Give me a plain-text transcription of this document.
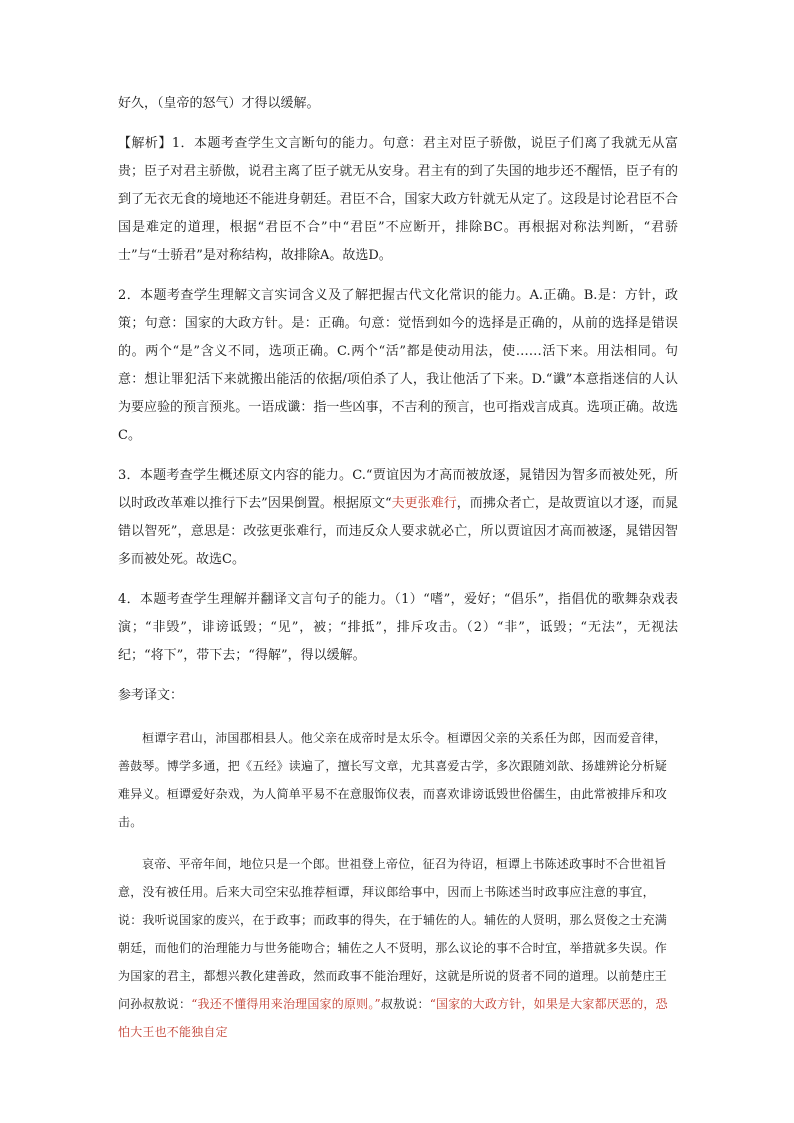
好久，（皇帝的怒气）才得以缓解。

【解析】1．本题考查学生文言断句的能力。句意：君主对臣子骄傲，说臣子们离了我就无从富贵；臣子对君主骄傲，说君主离了臣子就无从安身。君主有的到了失国的地步还不醒悟，臣子有的到了无衣无食的境地还不能进身朝廷。君臣不合，国家大政方针就无从定了。这段是讨论君臣不合国是难定的道理，根据“君臣不合”中“君臣”不应断开，排除BC。再根据对称法判断，“君骄士”与“士骄君”是对称结构，故排除A。故选D。

2．本题考查学生理解文言实词含义及了解把握古代文化常识的能力。A.正确。B.是：方针，政策；句意：国家的大政方针。是：正确。句意：觉悟到如今的选择是正确的，从前的选择是错误的。两个“是”含义不同，选项正确。C.两个“活”都是使动用法，使……活下来。用法相同。句意：想让罪犯活下来就搬出能活的依据/项伯杀了人，我让他活了下来。D.“谶”本意指迷信的人认为要应验的预言预兆。一语成谶：指一些凶事，不吉利的预言，也可指戏言成真。选项正确。故选C。

3．本题考查学生概述原文内容的能力。C.“贾谊因为才高而被放逐，晁错因为智多而被处死，所以时政改革难以推行下去”因果倒置。根据原文“夫更张难行，而拂众者亡，是故贾谊以才逐，而晁错以智死”，意思是：改弦更张难行，而违反众人要求就必亡，所以贾谊因才高而被逐，晁错因智多而被处死。故选C。

4．本题考查学生理解并翻译文言句子的能力。（1）“嗜”，爱好；“倡乐”，指倡优的歌舞杂戏表演；“非毁”，诽谤诋毁；“见”，被；“排抵”，排斥攻击。（2）“非”，诋毁；“无法”，无视法纪；“将下”，带下去；“得解”，得以缓解。

参考译文：

桓谭字君山，沛国郡相县人。他父亲在成帝时是太乐令。桓谭因父亲的关系任为郎，因而爱音律，善鼓琴。博学多通，把《五经》读遍了，擅长写文章，尤其喜爱古学，多次跟随刘歆、扬雄辨论分析疑难异义。桓谭爱好杂戏，为人简单平易不在意服饰仪表，而喜欢诽谤诋毁世俗儒生，由此常被排斥和攻击。

哀帝、平帝年间，地位只是一个郎。世祖登上帝位，征召为待诏，桓谭上书陈述政事时不合世祖旨意，没有被任用。后来大司空宋弘推荐桓谭，拜议郎给事中，因而上书陈述当时政事应注意的事宜，说：我听说国家的废兴，在于政事；而政事的得失，在于辅佐的人。辅佐的人贤明，那么贤俊之士充满朝廷，而他们的治理能力与世务能吻合；辅佐之人不贤明，那么议论的事不合时宜，举措就多失误。作为国家的君主，都想兴教化建善政，然而政事不能治理好，这就是所说的贤者不同的道理。以前楚庄王问孙叔敖说：“我还不懂得用来治理国家的原则。”叔敖说：“国家的大政方针，如果是大家都厌恶的，恐怕大王也不能独自定
